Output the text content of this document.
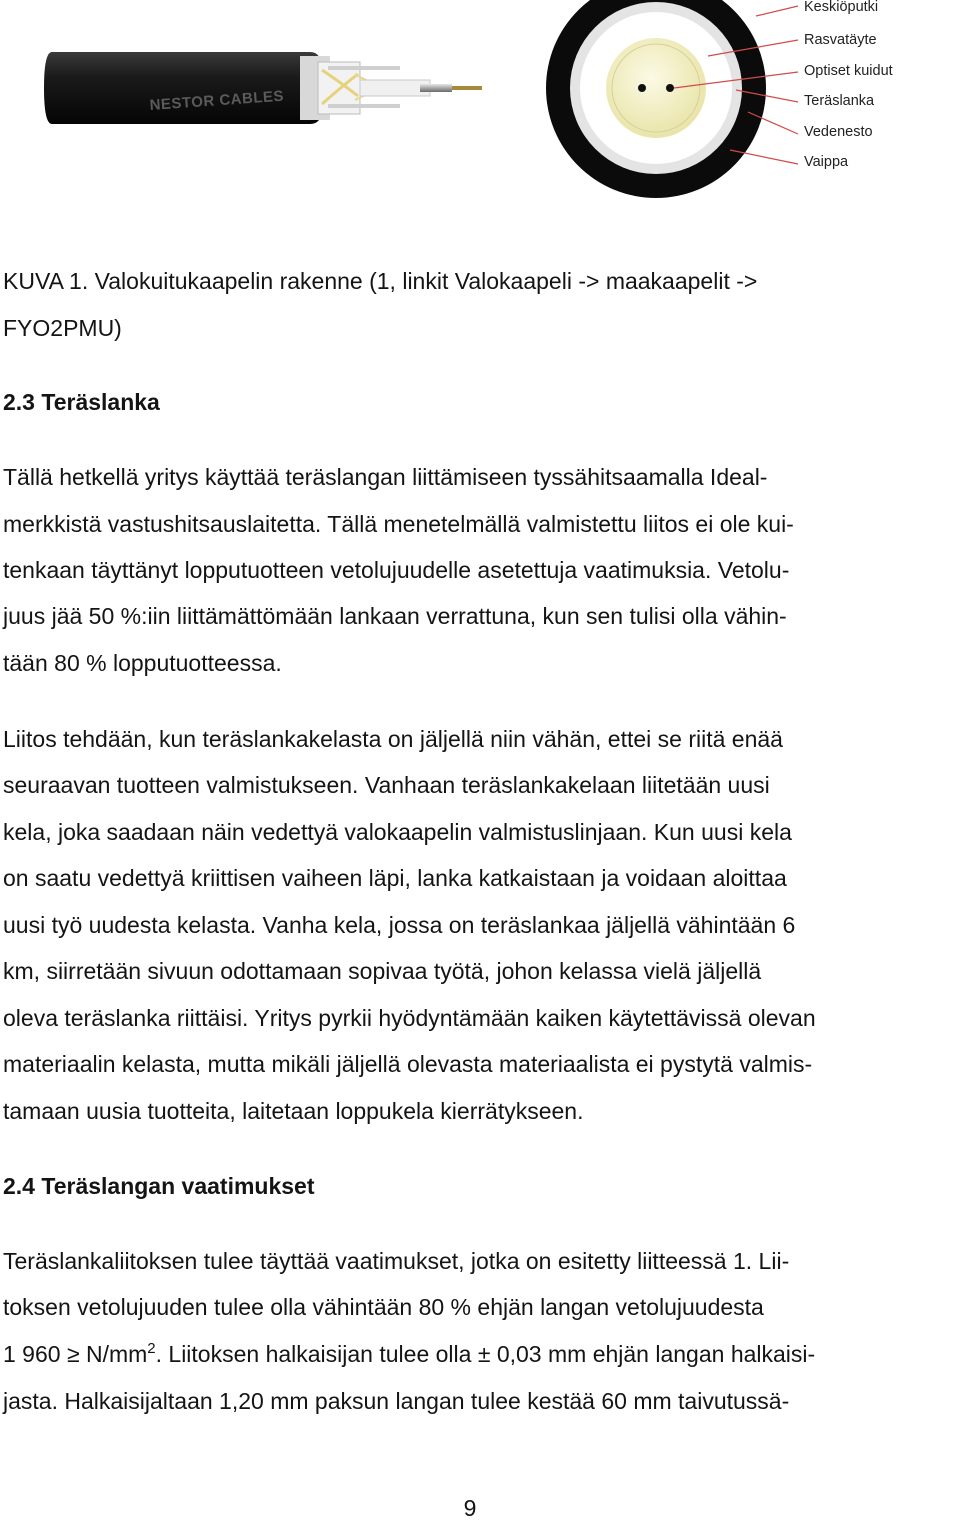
NESTOR CABLES
Keskiöputki
Rasvatäyte
Optiset kuidut
Teräslanka
Vedenesto
Vaippa
KUVA 1. Valokuitukaapelin rakenne (1, linkit Valokaapeli -> maakaapelit ->
FYO2PMU)
2.3 Teräslanka
Tällä hetkellä yritys käyttää teräslangan liittämiseen tyssähitsaamalla Ideal-
merkkistä vastushitsauslaitetta. Tällä menetelmällä valmistettu liitos ei ole kui-
tenkaan täyttänyt lopputuotteen vetolujuudelle asetettuja vaatimuksia. Vetolu-
juus jää 50 %:iin liittämättömään lankaan verrattuna, kun sen tulisi olla vähin-
tään 80 % lopputuotteessa.
Liitos tehdään, kun teräslankakelasta on jäljellä niin vähän, ettei se riitä enää
seuraavan tuotteen valmistukseen. Vanhaan teräslankakelaan liitetään uusi
kela, joka saadaan näin vedettyä valokaapelin valmistuslinjaan. Kun uusi kela
on saatu vedettyä kriittisen vaiheen läpi, lanka katkaistaan ja voidaan aloittaa
uusi työ uudesta kelasta. Vanha kela, jossa on teräslankaa jäljellä vähintään 6
km, siirretään sivuun odottamaan sopivaa työtä, johon kelassa vielä jäljellä
oleva teräslanka riittäisi. Yritys pyrkii hyödyntämään kaiken käytettävissä olevan
materiaalin kelasta, mutta mikäli jäljellä olevasta materiaalista ei pystytä valmis-
tamaan uusia tuotteita, laitetaan loppukela kierrätykseen.
2.4 Teräslangan vaatimukset
Teräslankaliitoksen tulee täyttää vaatimukset, jotka on esitetty liitteessä 1. Lii-
toksen vetolujuuden tulee olla vähintään 80 % ehjän langan vetolujuudesta
1 $960 \ge N/mm^2$. Liitoksen halkaisijan tulee olla ± 0,03 mm ehjän langan halkaisi-
jasta. Halkaisijaltaan 1,20 mm paksun langan tulee kestää 60 mm taivutussä-
9
